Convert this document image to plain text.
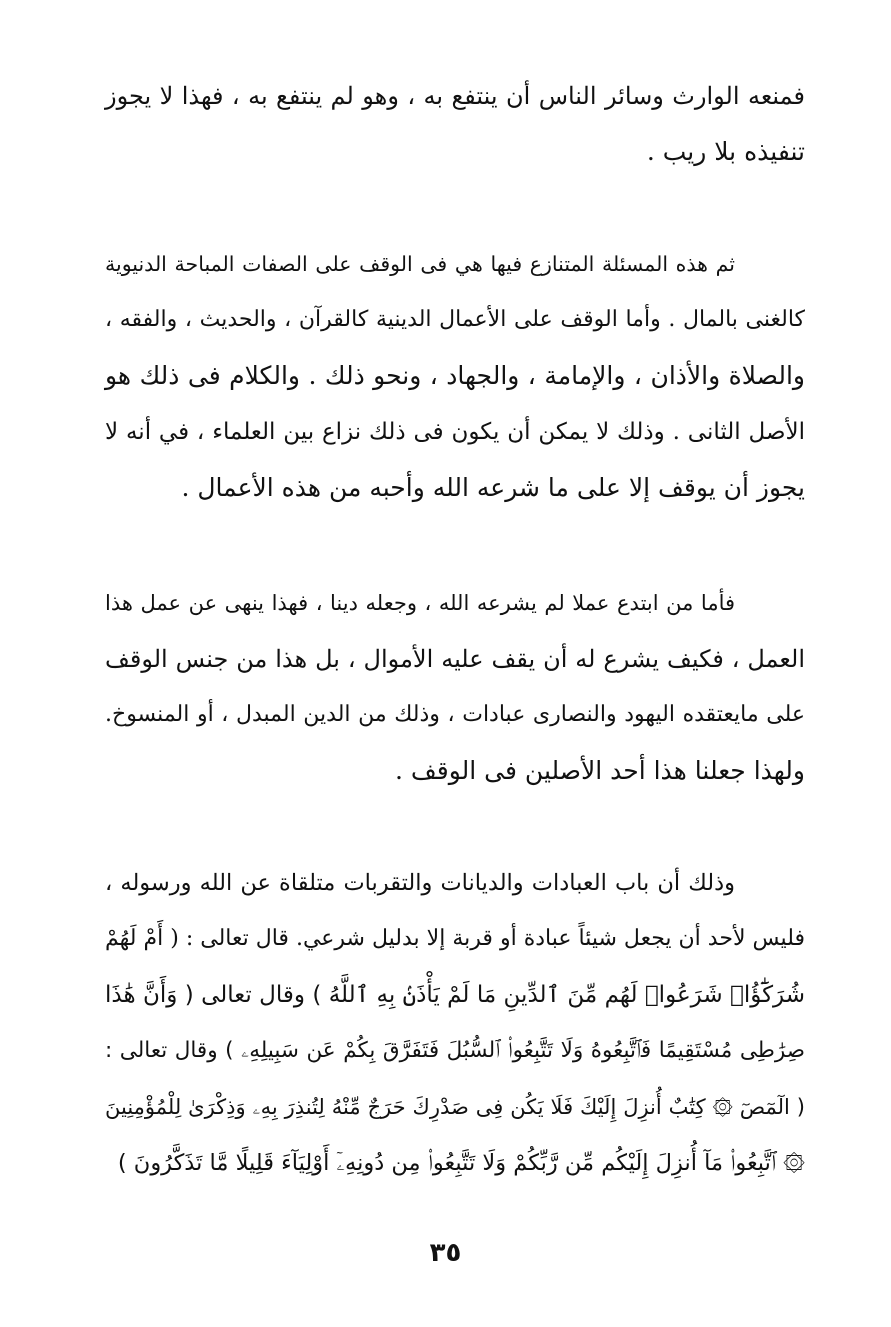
فمنعه الوارث وسائر الناس أن ينتفع به ، وهو لم ينتفع به ، فهذا لا يجوز
تنفيذه بلا ريب .
ثم هذه المسئلة المتنازع فيها هي فى الوقف على الصفات المباحة الدنيوية
كالغنى بالمال . وأما الوقف على الأعمال الدينية كالقرآن ، والحديث ، والفقه ،
والصلاة والأذان ، والإمامة ، والجهاد ، ونحو ذلك . والكلام فى ذلك هو
الأصل الثانى . وذلك لا يمكن أن يكون فى ذلك نزاع بين العلماء ، في أنه لا
يجوز أن يوقف إلا على ما شرعه الله وأحبه من هذه الأعمال .
فأما من ابتدع عملا لم يشرعه الله ، وجعله دينا ، فهذا ينهى عن عمل هذا
العمل ، فكيف يشرع له أن يقف عليه الأموال ، بل هذا من جنس الوقف
على مايعتقده اليهود والنصارى عبادات ، وذلك من الدين المبدل ، أو المنسوخ.
ولهذا جعلنا هذا أحد الأصلين فى الوقف .
وذلك أن باب العبادات والديانات والتقربات متلقاة عن الله ورسوله ،
فليس لأحد أن يجعل شيئاً عبادة أو قربة إلا بدليل شرعي. قال تعالى : ( أَمْ لَهُمْ
شُرَكَٰٓؤُا۟ شَرَعُوا۟ لَهُم مِّنَ ٱلدِّينِ مَا لَمْ يَأْذَنۢ بِهِ ٱللَّهُ ) وقال تعالى ( وَأَنَّ هَٰذَا
صِرَٰطِى مُسْتَقِيمًا فَٱتَّبِعُوهُ وَلَا تَتَّبِعُوا۟ ٱلسُّبُلَ فَتَفَرَّقَ بِكُمْ عَن سَبِيلِهِۦ ) وقال تعالى :
( الٓمٓصٓ ۞ كِتَٰبٌ أُنزِلَ إِلَيْكَ فَلَا يَكُن فِى صَدْرِكَ حَرَجٌ مِّنْهُ لِتُنذِرَ بِهِۦ وَذِكْرَىٰ لِلْمُؤْمِنِينَ
۞ ٱتَّبِعُوا۟ مَآ أُنزِلَ إِلَيْكُم مِّن رَّبِّكُمْ وَلَا تَتَّبِعُوا۟ مِن دُونِهِۦٓ أَوْلِيَآءَ قَلِيلًا مَّا تَذَكَّرُونَ )
٣٥
